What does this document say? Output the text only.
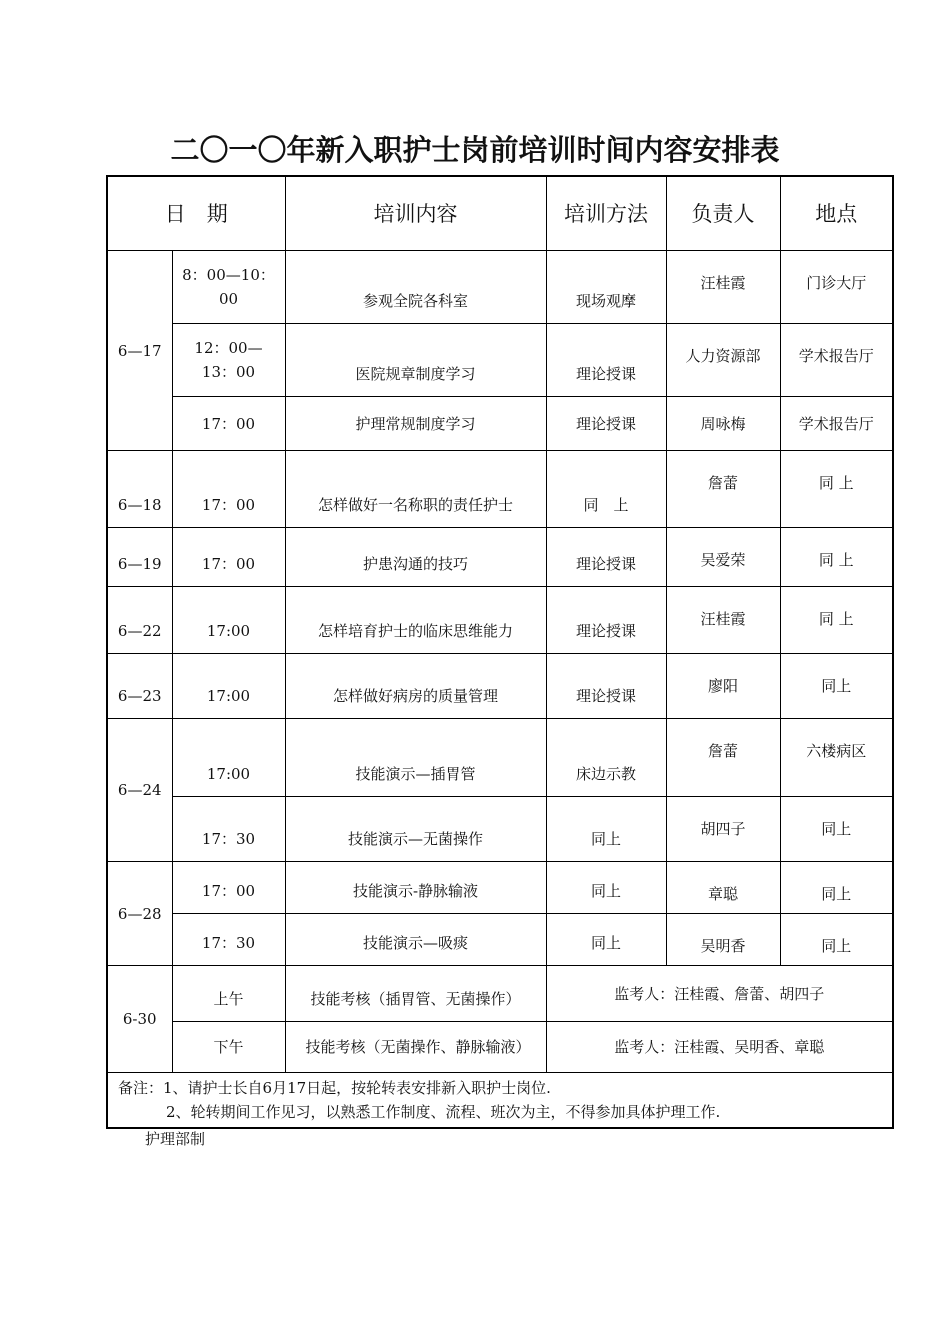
二〇一〇年新入职护士岗前培训时间内容安排表
日　期		培训内容	培训方法	负责人	地点
6—17	8：00—10：00	参观全院各科室	现场观摩	汪桂霞	门诊大厅
	12：00—13：00	医院规章制度学习	理论授课	人力资源部	学术报告厅
	17：00	护理常规制度学习	理论授课	周咏梅	学术报告厅
6—18	17：00	怎样做好一名称职的责任护士	同　上	詹蕾	同 上
6—19	17：00	护患沟通的技巧	理论授课	吴爱荣	同 上
6—22	17:00	怎样培育护士的临床思维能力	理论授课	汪桂霞	同 上
6—23	17:00	怎样做好病房的质量管理	理论授课	廖阳	同上
6—24	17:00	技能演示—插胃管	床边示教	詹蕾	六楼病区
	17：30	技能演示—无菌操作	同上	胡四子	同上
6—28	17：00	技能演示-静脉输液	同上	章聪	同上
	17：30	技能演示—吸痰	同上	吴明香	同上
6-30	上午	技能考核（插胃管、无菌操作）	监考人：汪桂霞、詹蕾、胡四子		
	下午	技能考核（无菌操作、静脉输液）	监考人：汪桂霞、吴明香、章聪		

备注：1、请护士长自6月17日起，按轮转表安排新入职护士岗位.
2、轮转期间工作见习，以熟悉工作制度、流程、班次为主，不得参加具体护理工作.					
护理部制
